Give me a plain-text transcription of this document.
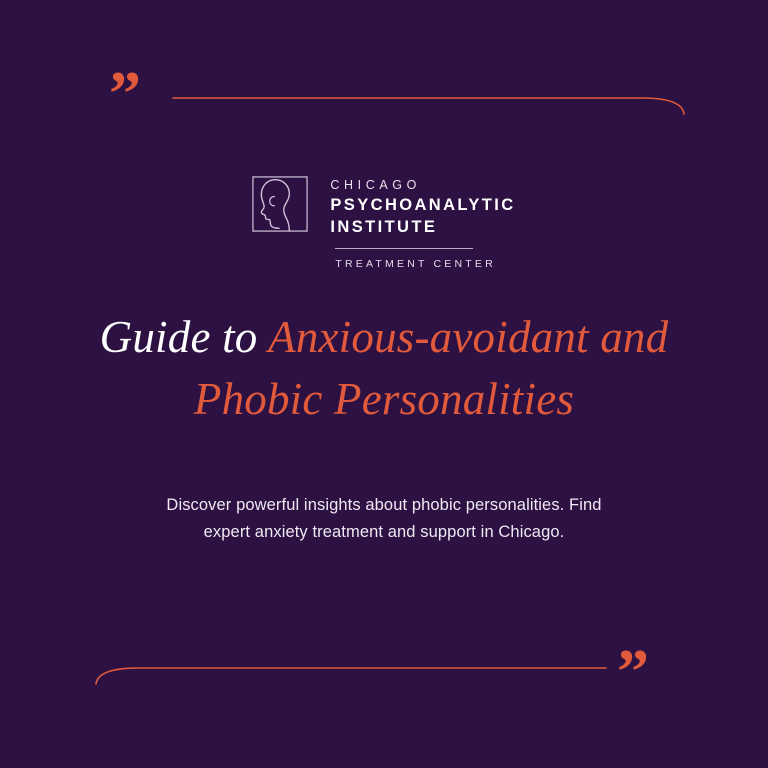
”
CHICAGO
PSYCHOANALYTIC
INSTITUTE
TREATMENT CENTER
Guide to Anxious-avoidant and
Phobic Personalities
Discover powerful insights about phobic personalities. Find
expert anxiety treatment and support in Chicago.
”
